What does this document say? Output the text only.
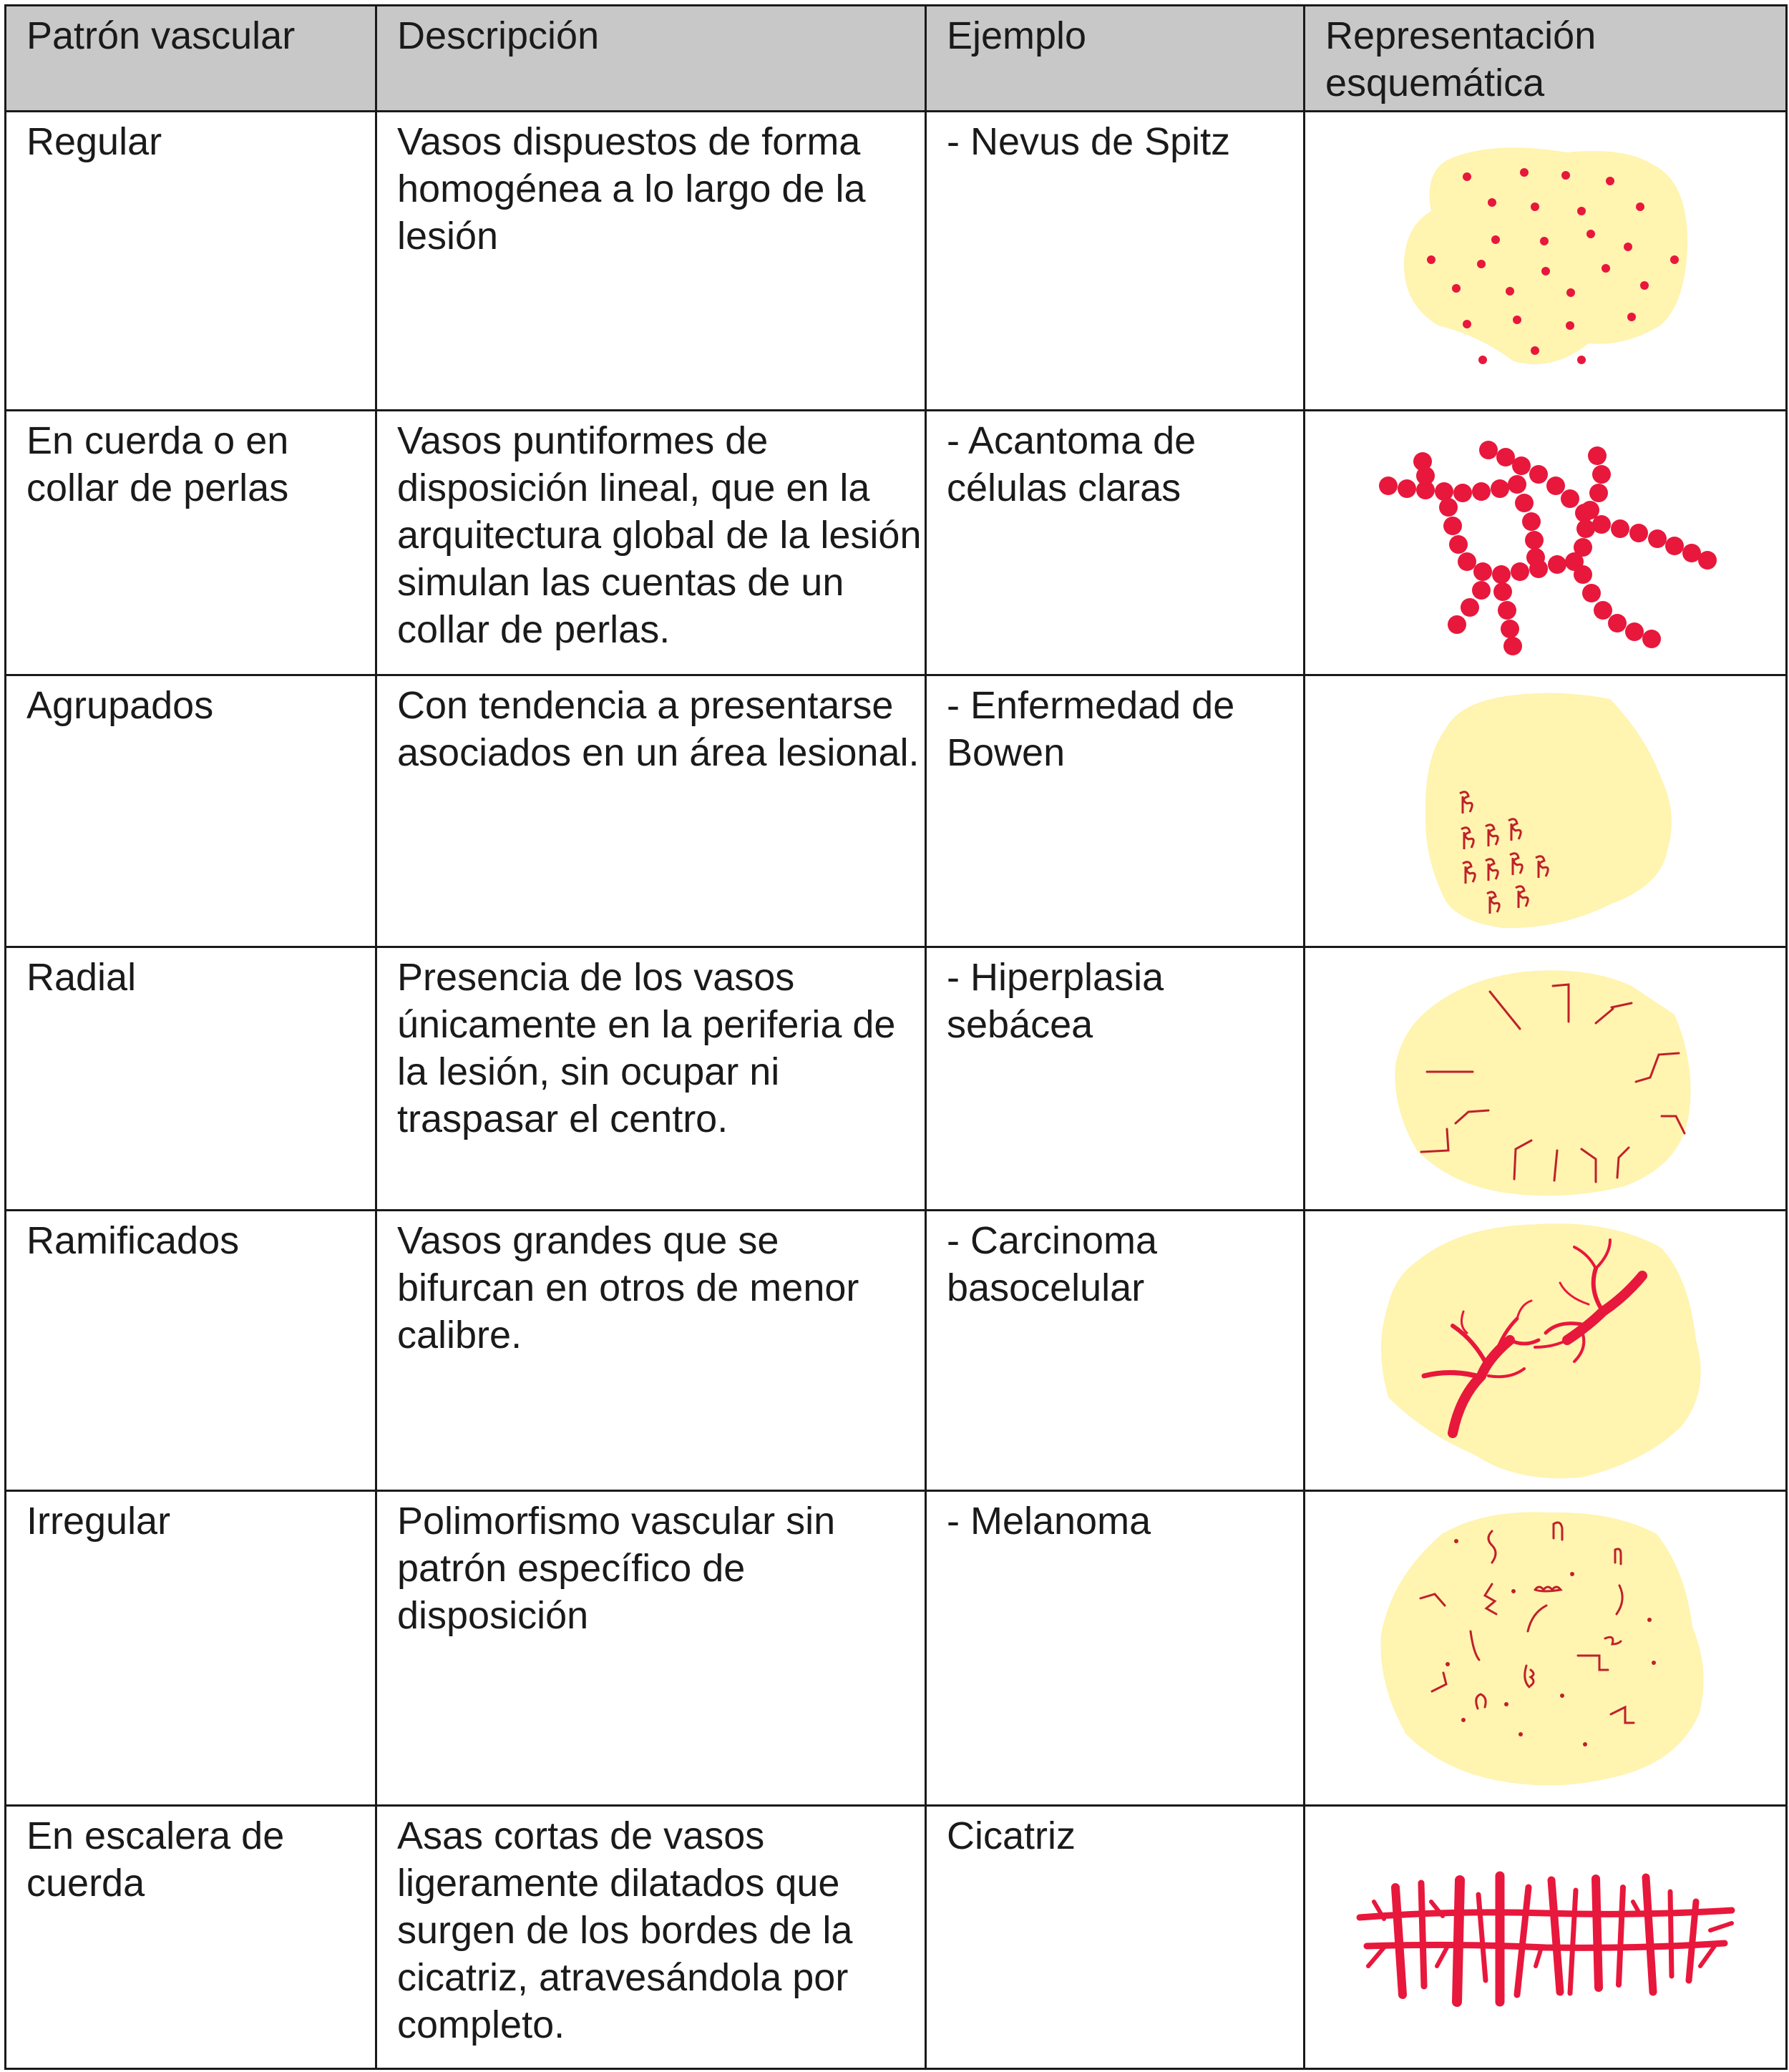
Patrón vascular	Descripción	Ejemplo	Representación esquemática
Regular	Vasos dispuestos de forma homogénea a lo largo de la lesión	- Nevus de Spitz	

En cuerda o en collar de perlas	Vasos puntiformes de disposición lineal, que en la arquitectura global de la lesión simulan las cuentas de un collar de perlas.	- Acantoma de células claras	

Agrupados	Con tendencia a presentarse asociados en un área lesional.	- Enfermedad de Bowen	

Radial	Presencia de los vasos únicamente en la periferia de la lesión, sin ocupar ni traspasar el centro.	- Hiperplasia sebácea	

Ramificados	Vasos grandes que se bifurcan en otros de menor calibre.	- Carcinoma basocelular	

Irregular	Polimorfismo vascular sin patrón específico de disposición	- Melanoma	

En escalera de cuerda	Asas cortas de vasos ligeramente dilatados que surgen de los bordes de la cicatriz, atravesándola por completo.	Cicatriz	
